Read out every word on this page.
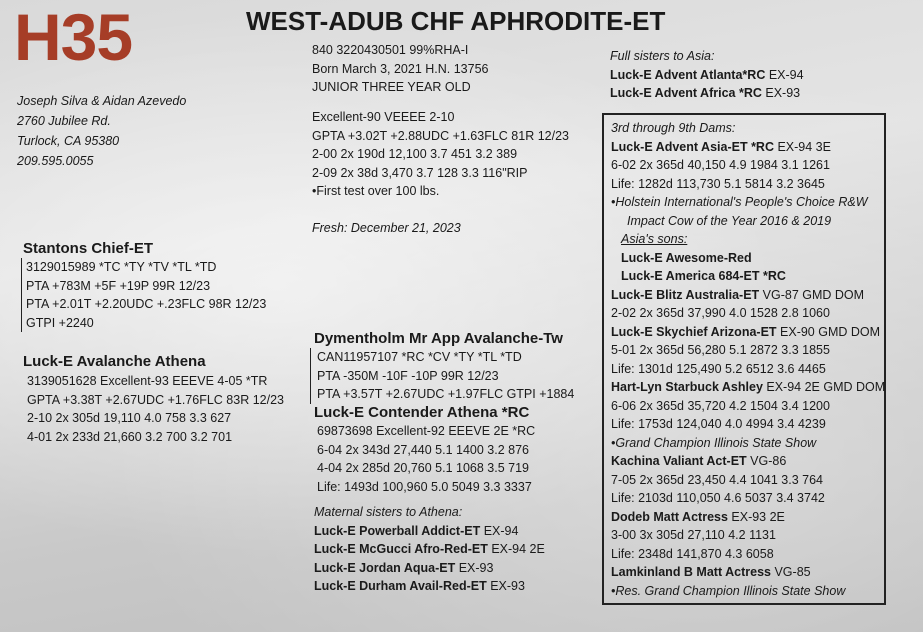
H35	WEST-ADUB CHF APHRODITE-ET
Joseph Silva & Aidan Azevedo
2760 Jubilee Rd.
Turlock, CA 95380
209.595.0055
840 3220430501 99%RHA-I
Born March 3, 2021 H.N. 13756
JUNIOR THREE YEAR OLD
Excellent-90 VEEEE 2-10
GPTA +3.02T +2.88UDC +1.63FLC 81R 12/23
2-00 2x 190d 12,100 3.7 451 3.2 389
2-09 2x 38d 3,470 3.7 128 3.3 116"RIP
•First test over 100 lbs.
Fresh: December 21, 2023
Stantons Chief-ET
3129015989 *TC *TY *TV *TL *TD
PTA +783M +5F +19P 99R 12/23
PTA +2.01T +2.20UDC +.23FLC 98R 12/23
GTPI +2240
Luck-E Avalanche Athena
3139051628 Excellent-93 EEEVE 4-05 *TR
GPTA +3.38T +2.67UDC +1.76FLC 83R 12/23
2-10 2x 305d 19,110 4.0 758 3.3 627
4-01 2x 233d 21,660 3.2 700 3.2 701
Dymentholm Mr App Avalanche-Tw
CAN11957107 *RC *CV *TY *TL *TD
PTA -350M -10F -10P 99R 12/23
PTA +3.57T +2.67UDC +1.97FLC GTPI +1884
Luck-E Contender Athena *RC
69873698 Excellent-92 EEEVE 2E *RC
6-04 2x 343d 27,440 5.1 1400 3.2 876
4-04 2x 285d 20,760 5.1 1068 3.5 719
Life: 1493d 100,960 5.0 5049 3.3 3337
Maternal sisters to Athena:
Luck-E Powerball Addict-ET EX-94
Luck-E McGucci Afro-Red-ET EX-94 2E
Luck-E Jordan Aqua-ET EX-93
Luck-E Durham Avail-Red-ET EX-93
Full sisters to Asia:
Luck-E Advent Atlanta*RC EX-94
Luck-E Advent Africa *RC EX-93
3rd through 9th Dams:
Luck-E Advent Asia-ET *RC EX-94 3E
6-02 2x 365d 40,150 4.9 1984 3.1 1261
Life: 1282d 113,730 5.1 5814 3.2 3645
•Holstein International's People's Choice R&W
Impact Cow of the Year 2016 & 2019
Asia's sons:
Luck-E Awesome-Red
Luck-E America 684-ET *RC
Luck-E Blitz Australia-ET VG-87 GMD DOM
2-02 2x 365d 37,990 4.0 1528 2.8 1060
Luck-E Skychief Arizona-ET EX-90 GMD DOM
5-01 2x 365d 56,280 5.1 2872 3.3 1855
Life: 1301d 125,490 5.2 6512 3.6 4465
Hart-Lyn Starbuck Ashley EX-94 2E GMD DOM
6-06 2x 365d 35,720 4.2 1504 3.4 1200
Life: 1753d 124,040 4.0 4994 3.4 4239
•Grand Champion Illinois State Show
Kachina Valiant Act-ET VG-86
7-05 2x 365d 23,450 4.4 1041 3.3 764
Life: 2103d 110,050 4.6 5037 3.4 3742
Dodeb Matt Actress EX-93 2E
3-00 3x 305d 27,110 4.2 1131
Life: 2348d 141,870 4.3 6058
Lamkinland B Matt Actress VG-85
•Res. Grand Champion Illinois State Show
